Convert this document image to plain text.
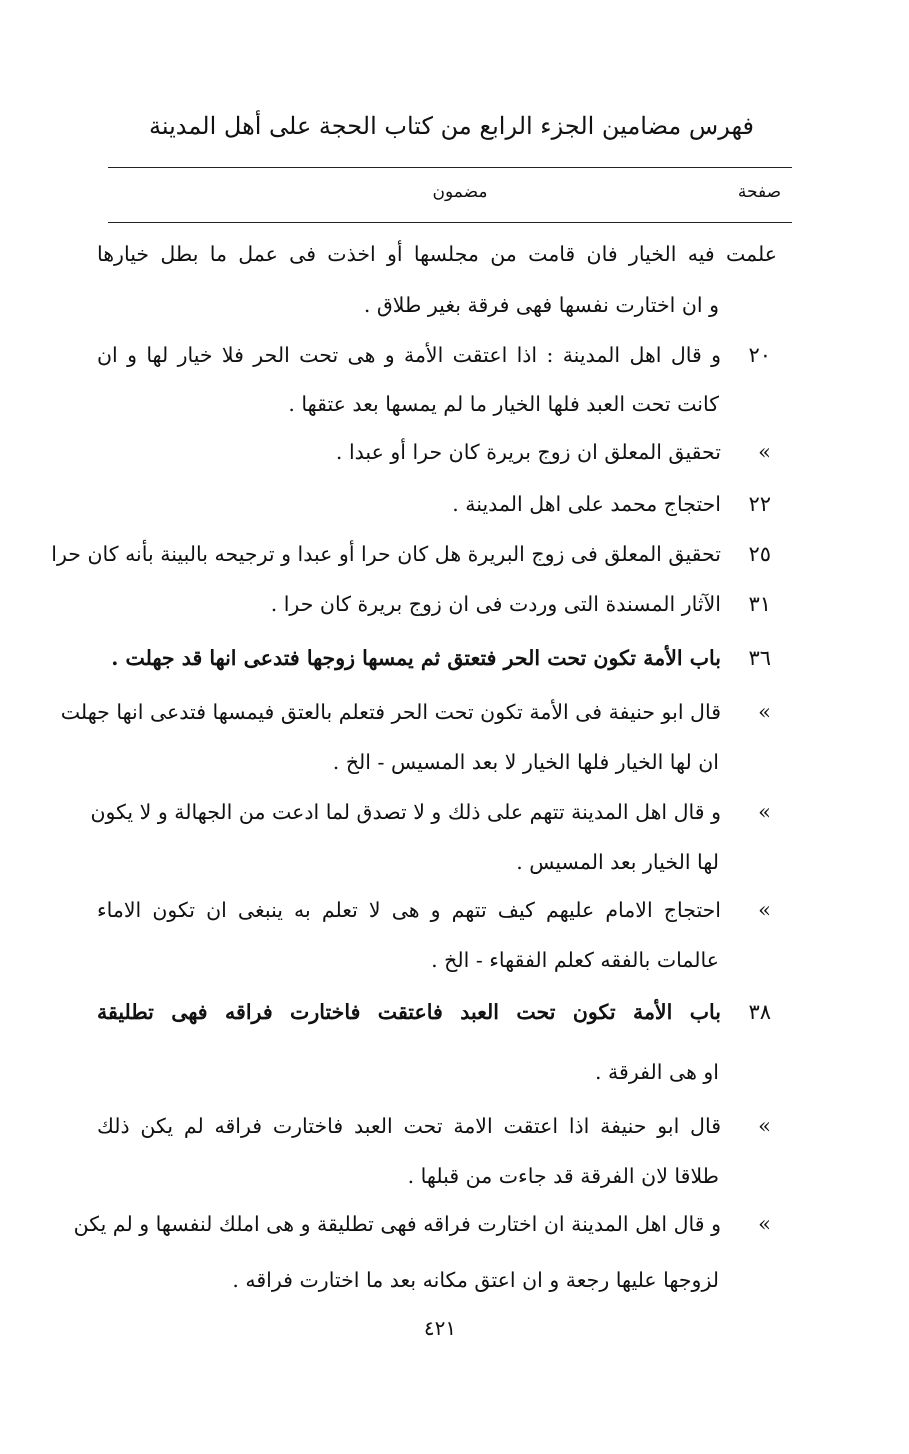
فهرس مضامين الجزء الرابع من كتاب الحجة على أهل المدينة
صفحة
مضمون
علمت فيه الخيار فان قامت من مجلسها أو اخذت فى عمل ما بطل خيارها
و ان اختارت نفسها فهى فرقة بغير طلاق .
٢٠
و قال اهل المدينة : اذا اعتقت الأمة و هى تحت الحر فلا خيار لها و ان
كانت تحت العبد فلها الخيار ما لم يمسها بعد عتقها .
»
تحقيق المعلق ان زوج بريرة كان حرا أو عبدا .
٢٢
احتجاج محمد على اهل المدينة .
٢٥
تحقيق المعلق فى زوج البريرة هل كان حرا أو عبدا و ترجيحه بالبينة بأنه كان حرا
٣١
الآثار المسندة التى وردت فى ان زوج بريرة كان حرا .
٣٦
باب الأمة تكون تحت الحر فتعتق ثم يمسها زوجها فتدعى انها قد جهلت .
»
قال ابو حنيفة فى الأمة تكون تحت الحر فتعلم بالعتق فيمسها فتدعى انها جهلت
ان لها الخيار فلها الخيار لا بعد المسيس - الخ .
»
و قال اهل المدينة تتهم على ذلك و لا تصدق لما ادعت من الجهالة و لا يكون
لها الخيار بعد المسيس .
»
احتجاج الامام عليهم كيف تتهم و هى لا تعلم به ينبغى ان تكون الاماء
عالمات بالفقه كعلم الفقهاء - الخ .
٣٨
باب الأمة تكون تحت العبد فاعتقت فاختارت فراقه فهى تطليقة
او هى الفرقة .
»
قال ابو حنيفة اذا اعتقت الامة تحت العبد فاختارت فراقه لم يكن ذلك
طلاقا لان الفرقة قد جاءت من قبلها .
»
و قال اهل المدينة ان اختارت فراقه فهى تطليقة و هى املك لنفسها و لم يكن
لزوجها عليها رجعة و ان اعتق مكانه بعد ما اختارت فراقه .
٤٢١
